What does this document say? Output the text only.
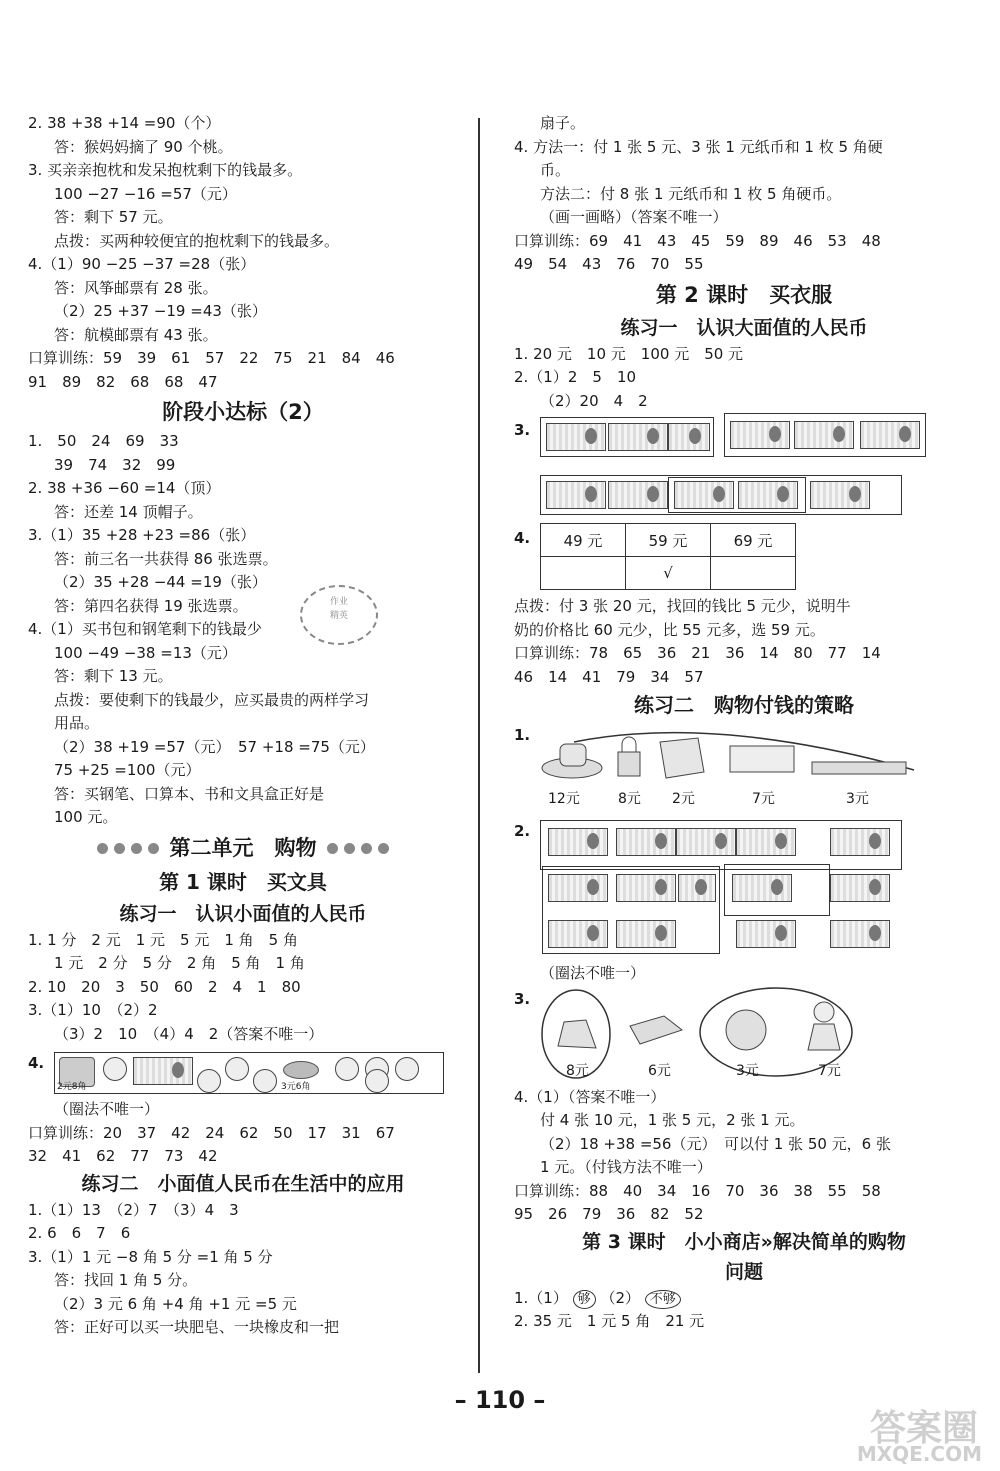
2. 38 +38 +14 =90（个）
答：猴妈妈摘了 90 个桃。
3. 买亲亲抱枕和发呆抱枕剩下的钱最多。
100 −27 −16 =57（元）
答：剩下 57 元。
点拨：买两种较便宜的抱枕剩下的钱最多。
4.（1）90 −25 −37 =28（张）
答：风筝邮票有 28 张。
（2）25 +37 −19 =43（张）
答：航模邮票有 43 张。
口算训练：59　39　61　57　22　75　21　84　46
91　89　82　68　68　47
阶段小达标（2）
1.　50　24　69　33
39　74　32　99
2. 38 +36 −60 =14（顶）
答：还差 14 顶帽子。
3.（1）35 +28 +23 =86（张）
答：前三名一共获得 86 张选票。
（2）35 +28 −44 =19（张）
答：第四名获得 19 张选票。
4.（1）买书包和钢笔剩下的钱最少
100 −49 −38 =13（元）
答：剩下 13 元。
点拨：要使剩下的钱最少，应买最贵的两样学习
用品。
（2）38 +19 =57（元）　57 +18 =75（元）
75 +25 =100（元）
答：买钢笔、口算本、书和文具盒正好是
100 元。
第二单元　购物
第 1 课时　买文具
练习一　认识小面值的人民币
1. 1 分　2 元　1 元　5 元　1 角　5 角
1 元　2 分　5 分　2 角　5 角　1 角
2. 10　20　3　50　60　2　4　1　80
3.（1）10　（2）2
（3）2　10　（4）4　2（答案不唯一）
4.
2元8角	3元6角
（圈法不唯一）
口算训练：20　37　42　24　62　50　17　31　67
32　41　62　77　73　42
练习二　小面值人民币在生活中的应用
1.（1）13　（2）7　（3）4　3
2. 6　6　7　6
3.（1）1 元 −8 角 5 分 =1 角 5 分
答：找回 1 角 5 分。
（2）3 元 6 角 +4 角 +1 元 =5 元
答：正好可以买一块肥皂、一块橡皮和一把
扇子。
4. 方法一：付 1 张 5 元、3 张 1 元纸币和 1 枚 5 角硬
币。
方法二：付 8 张 1 元纸币和 1 枚 5 角硬币。
（画一画略）（答案不唯一）
口算训练：69　41　43　45　59　89　46　53　48
49　54　43　76　70　55
第 2 课时　买衣服
练习一　认识大面值的人民币
1. 20 元　10 元　100 元　50 元
2.（1）2　5　10
（2）20　4　2
3.
4. 49 元	59 元	69 元
	√	
点拨：付 3 张 20 元，找回的钱比 5 元少，说明牛
奶的价格比 60 元少，比 55 元多，选 59 元。
口算训练：78　65　36　21　36　14　80　77　14
46　14　41　79　34　57
练习二　购物付钱的策略
1.
12元	8元 2元	7元	3元
2.
（圈法不唯一）
3.
8元	6元	3元	7元
4.（1）（答案不唯一）
付 4 张 10 元，1 张 5 元，2 张 1 元。
（2）18 +38 =56（元）　可以付 1 张 50 元，6 张
1 元。（付钱方法不唯一）
口算训练：88　40　34　16　70　36　38　55　58
95　26　79　36　82　52
第 3 课时　小小商店»解决简单的购物
问题
1.（1） 够 （2） 不够
2. 35 元　1 元 5 角　21 元
作业
精英
– 110 –
答案圈
MXQE.COM
